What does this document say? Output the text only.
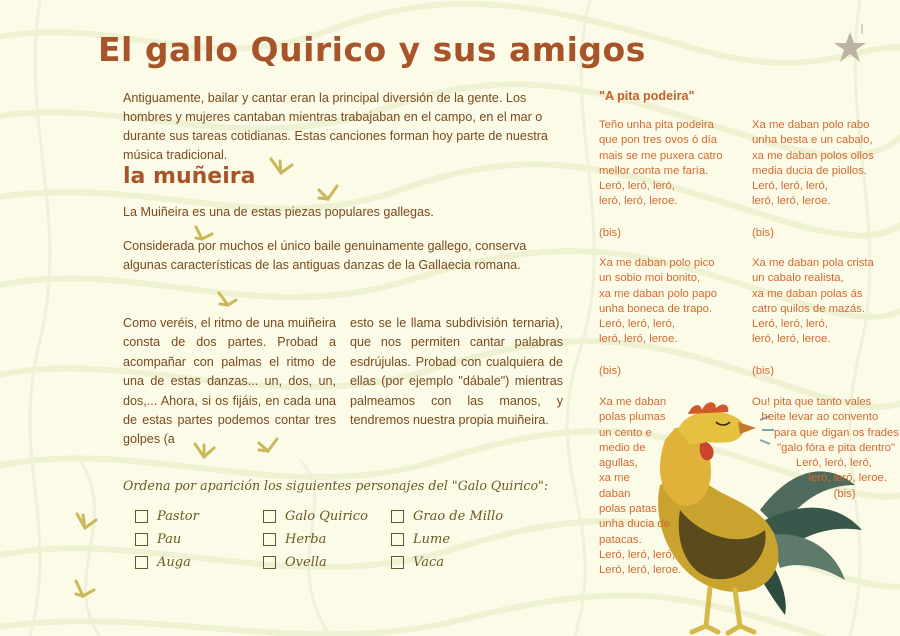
El gallo Quirico y sus amigos
Antiguamente, bailar y cantar eran la principal diversión de la gente. Los hombres y mujeres cantaban mientras trabajaban en el campo, en el mar o durante sus tareas cotidianas. Estas canciones forman hoy parte de nuestra música tradicional.
la muñeira
La Muiñeira es una de estas piezas populares gallegas.
Considerada por muchos el único baile genuinamente gallego, conserva algunas características de las antiguas danzas de la Gallaecia romana.
Como veréis, el ritmo de una muiñeira consta de dos partes. Probad a acompañar con palmas el ritmo de una de estas danzas... un, dos, un, dos,... Ahora, si os fijáis, en cada una de estas partes podemos contar tres golpes (a
esto se le llama subdivisión ternaria), que nos permiten cantar palabras esdrújulas. Probad con cualquiera de ellas (por ejemplo "dábale") mientras palmeamos con las manos, y tendremos nuestra propia muiñeira.
Ordena por aparición los siguientes personajes del "Galo Quirico":
Pastor
Pau
Auga
Galo Quirico
Herba
Ovella
Grao de Millo
Lume
Vaca
"A pita podeira"
Teño unha pita podeira
que pon tres ovos ó día
mais se me puxera catro
mellor conta me faría.
Leró, leró, leró,
leró, leró, leroe.
(bis)
Xa me daban polo pico
un sobio moi bonito,
xa me daban polo papo
unha boneca de trapo.
Leró, leró, leró,
leró, leró, leroe.
(bis)
Xa me daban
polas plumas
un cento e
medio de
agullas,
xa me
daban
polas patas
unha ducia de
patacas.
Leró, leró, leró,
Leró, leró, leroe.
Xa me daban polo rabo
unha besta e un cabalo,
xa me daban polos ollos
media ducia de piollos.
Leró, leró, leró,
leró, leró, leroe.
(bis)
Xa me daban pola crista
un cabalo realista,
xa me daban polas ás
catro quilos de mazás.
Leró, leró, leró,
leró, leró, leroe.
(bis)
Ou! pita que tanto vales
heite levar ao convento
para que digan os frades
"galo fóra e pita dentro"
Leró, leró, leró,
leró, leró, leroe.
(bis)
